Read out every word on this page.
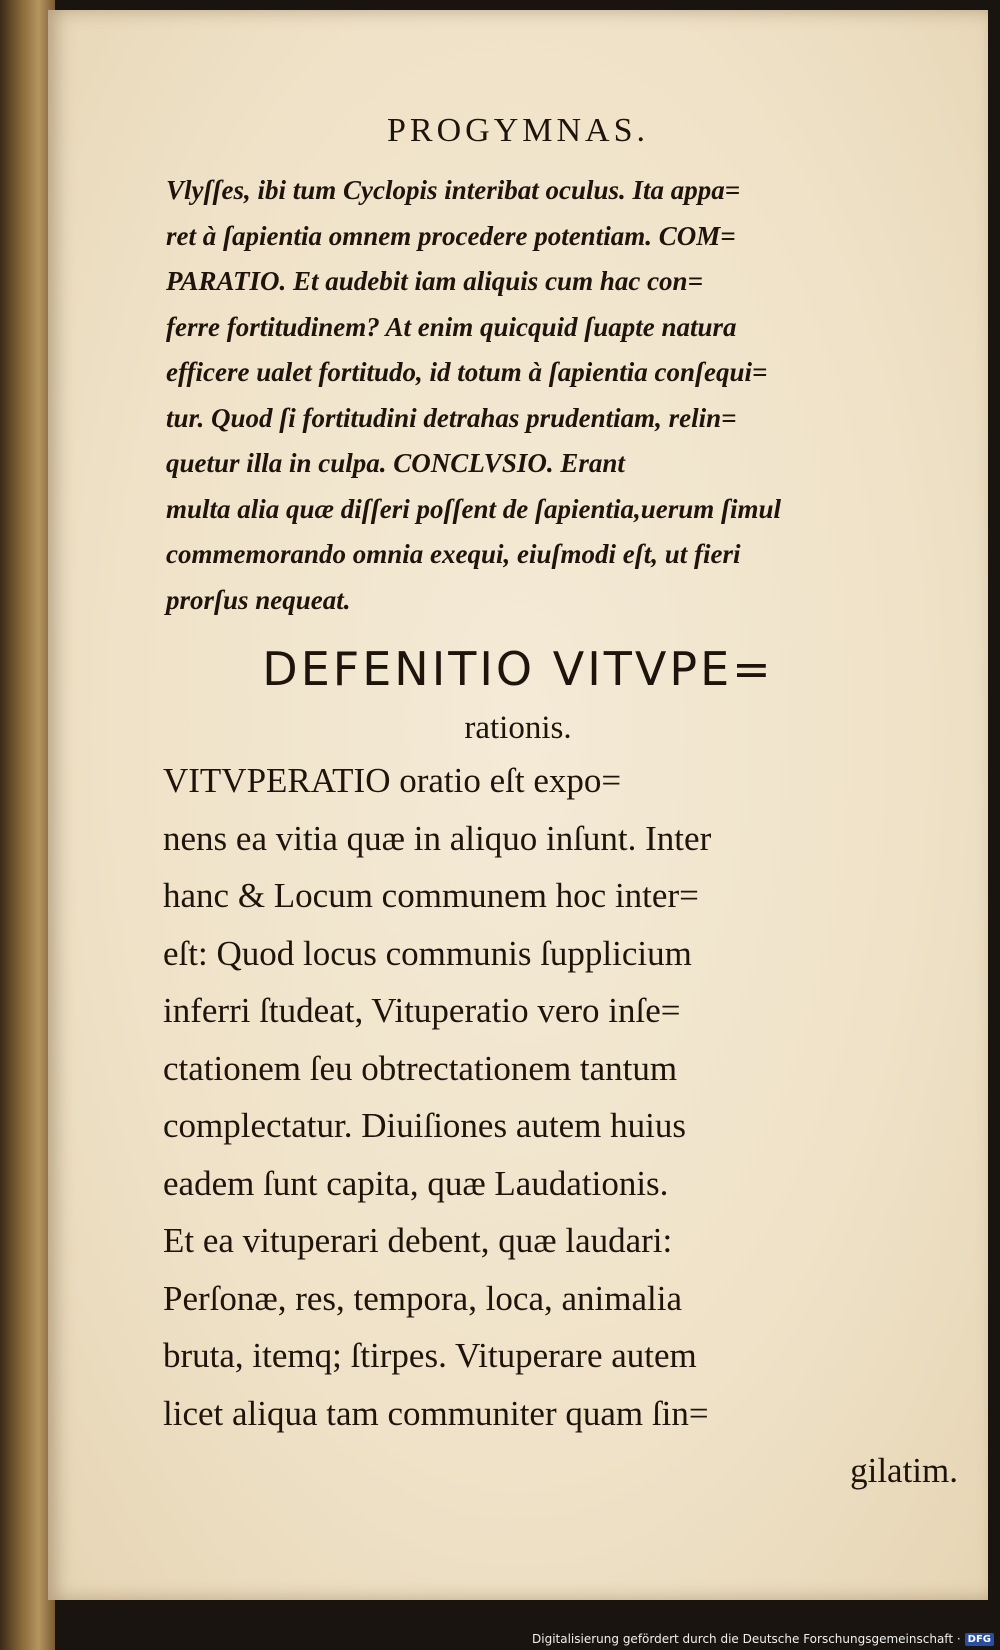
PROGYMNAS.
Vlyſſes, ibi tum Cyclopis interibat oculus. Ita appa=
ret à ſapientia omnem procedere potentiam. COM=
PARATIO. Et audebit iam aliquis cum hac con=
ferre fortitudinem? At enim quicquid ſuapte natura
efficere ualet fortitudo, id totum à ſapientia conſequi=
tur. Quod ſi fortitudini detrahas prudentiam, relin=
quetur illa in culpa. CONCLVSIO. Erant
multa alia quæ diſſeri poſſent de ſapientia,uerum ſimul
commemorando omnia exequi, eiuſmodi eſt, ut fieri
prorſus nequeat.
DEFENITIO VITVPE=
rationis.
VITVPERATIO oratio eſt expo=
nens ea vitia quæ in aliquo inſunt. Inter
hanc & Locum communem hoc inter=
eſt: Quod locus communis ſupplicium
inferri ſtudeat, Vituperatio vero inſe=
ctationem ſeu obtrectationem tantum
complectatur. Diuiſiones autem huius
eadem ſunt capita, quæ Laudationis.
Et ea vituperari debent, quæ laudari:
Perſonæ, res, tempora, loca, animalia
bruta, itemq; ſtirpes. Vituperare autem
licet aliqua tam communiter quam ſin=
gilatim.
Digitalisierung gefördert durch die Deutsche Forschungsgemeinschaft · DFG
